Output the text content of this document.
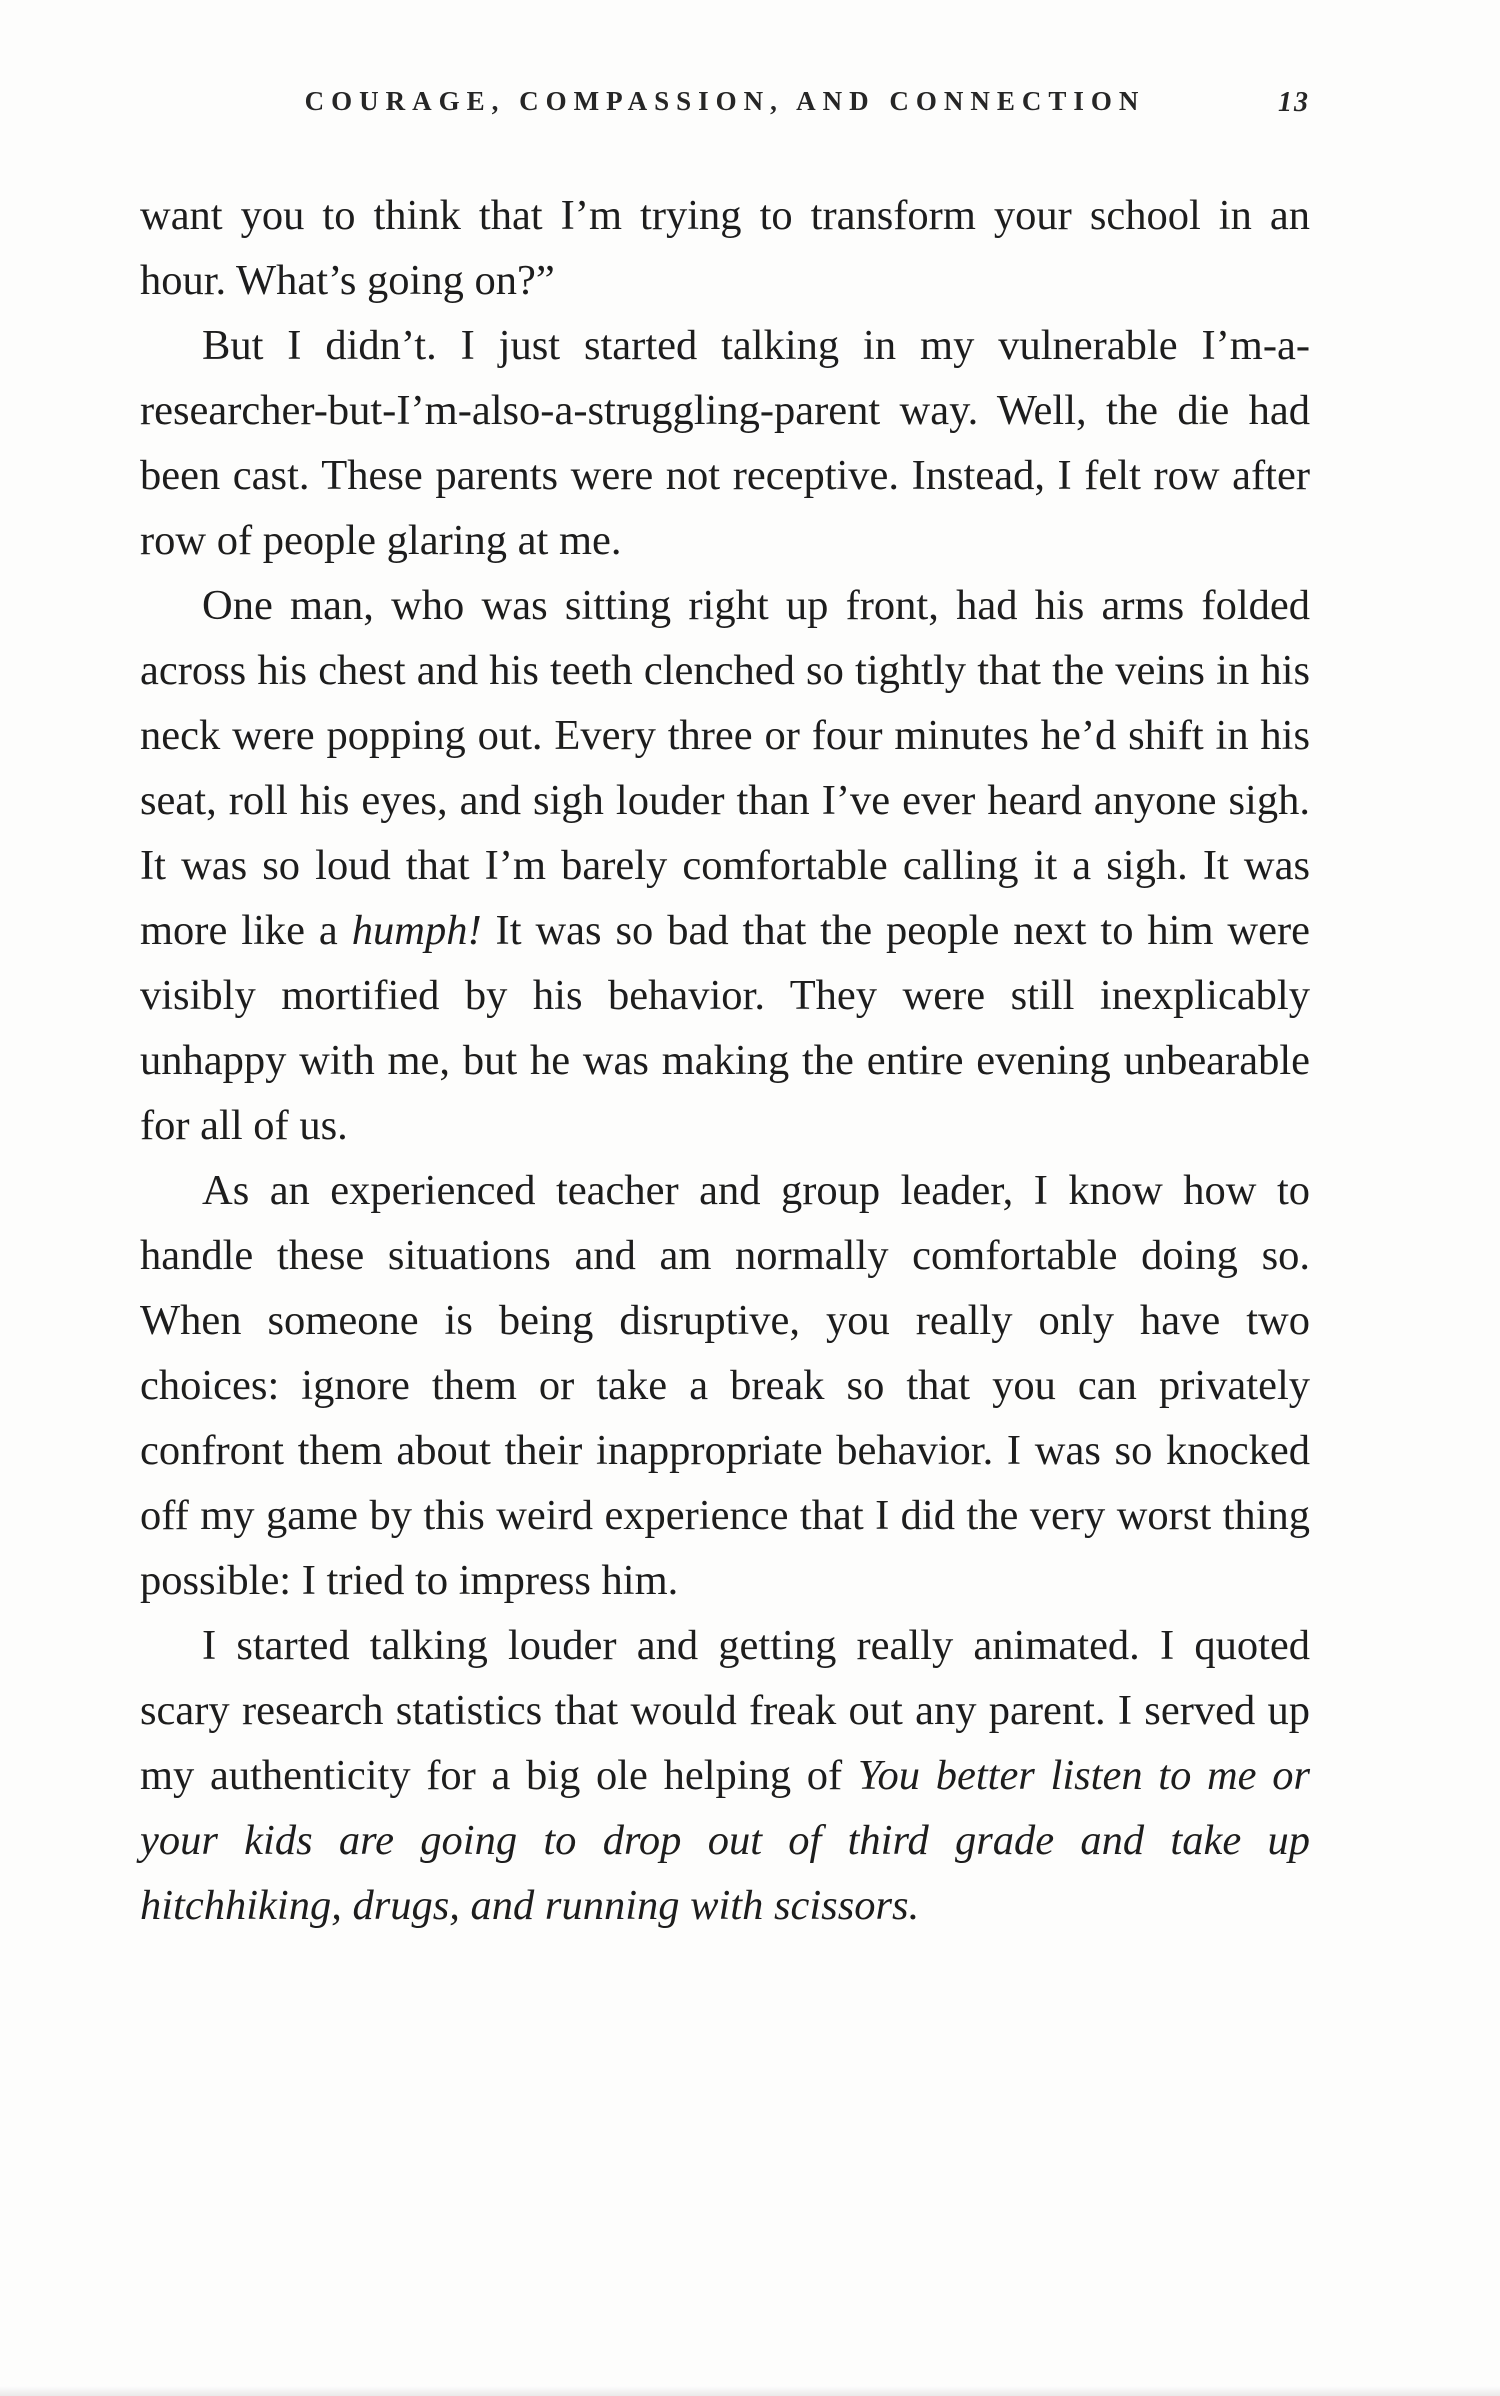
COURAGE, COMPASSION, AND CONNECTION	13

want you to think that I’m trying to transform your school in an hour. What’s going on?”

But I didn’t. I just started talking in my vulnerable I’m-a-researcher-but-I’m-also-a-struggling-parent way. Well, the die had been cast. These parents were not receptive. Instead, I felt row after row of people glaring at me.

One man, who was sitting right up front, had his arms folded across his chest and his teeth clenched so tightly that the veins in his neck were popping out. Every three or four minutes he’d shift in his seat, roll his eyes, and sigh louder than I’ve ever heard anyone sigh. It was so loud that I’m barely comfortable calling it a sigh. It was more like a humph! It was so bad that the people next to him were visibly mortified by his behavior. They were still inexplicably unhappy with me, but he was making the entire evening unbearable for all of us.

As an experienced teacher and group leader, I know how to handle these situations and am normally comfortable doing so. When someone is being disruptive, you really only have two choices: ignore them or take a break so that you can privately confront them about their inappropriate behavior. I was so knocked off my game by this weird experience that I did the very worst thing possible: I tried to impress him.

I started talking louder and getting really animated. I quoted scary research statistics that would freak out any parent. I served up my authenticity for a big ole helping of You better listen to me or your kids are going to drop out of third grade and take up hitchhiking, drugs, and running with scissors.
